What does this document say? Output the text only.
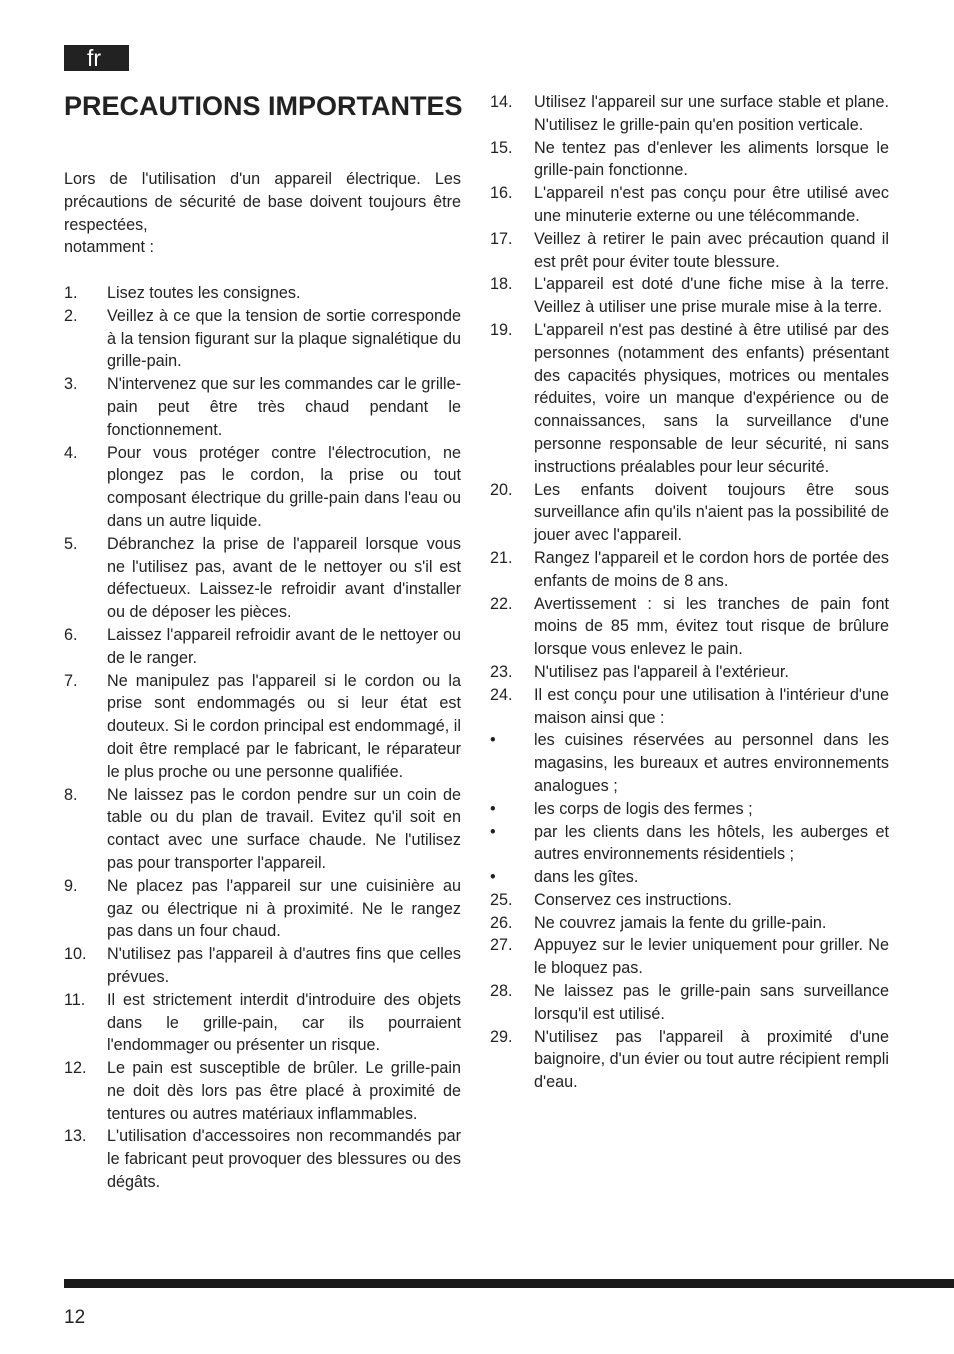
fr
PRECAUTIONS IMPORTANTES

Lors de l'utilisation d'un appareil électrique. Les précautions de sécurité de base doivent toujours être respectées,
notamment :

1.	Lisez toutes les consignes.
2.	Veillez à ce que la tension de sortie corresponde à la tension figurant sur la plaque signalétique du grille-pain.
3.	N'intervenez que sur les commandes car le grille-pain peut être très chaud pendant le fonctionnement.
4.	Pour vous protéger contre l'électrocution, ne plongez pas le cordon, la prise ou tout composant électrique du grille-pain dans l'eau ou dans un autre liquide.
5.	Débranchez la prise de l'appareil lorsque vous ne l'utilisez pas, avant de le nettoyer ou s'il est défectueux. Laissez-le refroidir avant d'installer ou de déposer les pièces.
6.	Laissez l'appareil refroidir avant de le nettoyer ou de le ranger.
7.	Ne manipulez pas l'appareil si le cordon ou la prise sont endommagés ou si leur état est douteux. Si le cordon principal est endommagé, il doit être remplacé par le fabricant, le réparateur le plus proche ou une personne qualifiée.
8.	Ne laissez pas le cordon pendre sur un coin de table ou du plan de travail. Evitez qu'il soit en contact avec une surface chaude. Ne l'utilisez pas pour transporter l'appareil.
9.	Ne placez pas l'appareil sur une cuisinière au gaz ou électrique ni à proximité. Ne le rangez pas dans un four chaud.
10. N'utilisez pas l'appareil à d'autres fins que celles prévues.
11. Il est strictement interdit d'introduire des objets dans le grille-pain, car ils pourraient l'endommager ou présenter un risque.
12. Le pain est susceptible de brûler. Le grille-pain ne doit dès lors pas être placé à proximité de tentures ou autres matériaux inflammables.
13. L'utilisation d'accessoires non recommandés par le fabricant peut provoquer des blessures ou des dégâts.
14.	Utilisez l'appareil sur une surface stable et plane. N'utilisez le grille-pain qu'en position verticale.
15.	Ne tentez pas d'enlever les aliments lorsque le grille-pain fonctionne.
16.	L'appareil n'est pas conçu pour être utilisé avec une minuterie externe ou une télécommande.
17.	Veillez à retirer le pain avec précaution quand il est prêt pour éviter toute blessure.
18.	L'appareil est doté d'une fiche mise à la terre. Veillez à utiliser une prise murale mise à la terre.
19.	L'appareil n'est pas destiné à être utilisé par des personnes (notamment des enfants) présentant des capacités physiques, motrices ou mentales réduites, voire un manque d'expérience ou de connaissances, sans la surveillance d'une personne responsable de leur sécurité, ni sans instructions préalables pour leur sécurité.
20.	Les enfants doivent toujours être sous surveillance afin qu'ils n'aient pas la possibilité de jouer avec l'appareil.
21.	Rangez l'appareil et le cordon hors de portée des enfants de moins de 8 ans.
22.	Avertissement : si les tranches de pain font moins de 85 mm, évitez tout risque de brûlure lorsque vous enlevez le pain.
23.	N'utilisez pas l'appareil à l'extérieur.
24.	Il est conçu pour une utilisation à l'intérieur d'une maison ainsi que :
•	les cuisines réservées au personnel dans les magasins, les bureaux et autres environnements analogues ;
•	les corps de logis des fermes ;
•	par les clients dans les hôtels, les auberges et autres environnements résidentiels ;
•	dans les gîtes.
25.	Conservez ces instructions.
26.	Ne couvrez jamais la fente du grille-pain.
27.	Appuyez sur le levier uniquement pour griller. Ne le bloquez pas.
28.	Ne laissez pas le grille-pain sans surveillance lorsqu'il est utilisé.
29.	N'utilisez pas l'appareil à proximité d'une baignoire, d'un évier ou tout autre récipient rempli d'eau.
12
